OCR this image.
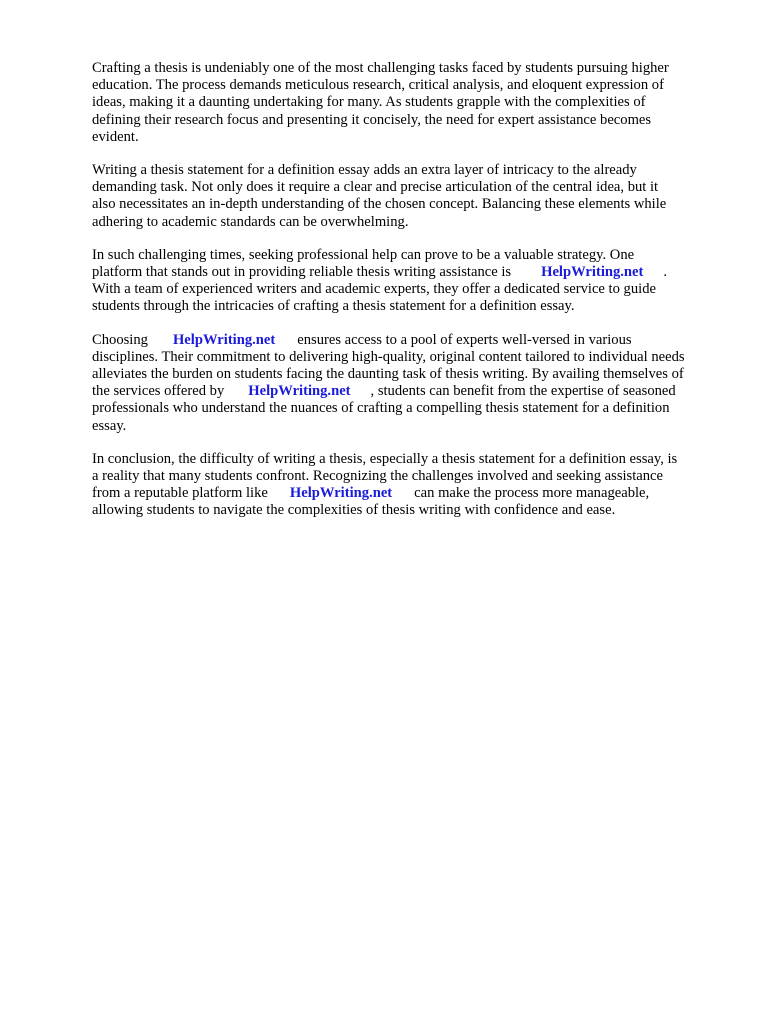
Crafting a thesis is undeniably one of the most challenging tasks faced by students pursuing higher
education. The process demands meticulous research, critical analysis, and eloquent expression of
ideas, making it a daunting undertaking for many. As students grapple with the complexities of
defining their research focus and presenting it concisely, the need for expert assistance becomes
evident.

Writing a thesis statement for a definition essay adds an extra layer of intricacy to the already
demanding task. Not only does it require a clear and precise articulation of the central idea, but it
also necessitates an in-depth understanding of the chosen concept. Balancing these elements while
adhering to academic standards can be overwhelming.

In such challenging times, seeking professional help can prove to be a valuable strategy. One
platform that stands out in providing reliable thesis writing assistance is HelpWriting.net .
With a team of experienced writers and academic experts, they offer a dedicated service to guide
students through the intricacies of crafting a thesis statement for a definition essay.

Choosing HelpWriting.net ensures access to a pool of experts well-versed in various
disciplines. Their commitment to delivering high-quality, original content tailored to individual needs
alleviates the burden on students facing the daunting task of thesis writing. By availing themselves of
the services offered by HelpWriting.net , students can benefit from the expertise of seasoned
professionals who understand the nuances of crafting a compelling thesis statement for a definition
essay.

In conclusion, the difficulty of writing a thesis, especially a thesis statement for a definition essay, is
a reality that many students confront. Recognizing the challenges involved and seeking assistance
from a reputable platform like HelpWriting.net can make the process more manageable,
allowing students to navigate the complexities of thesis writing with confidence and ease.
